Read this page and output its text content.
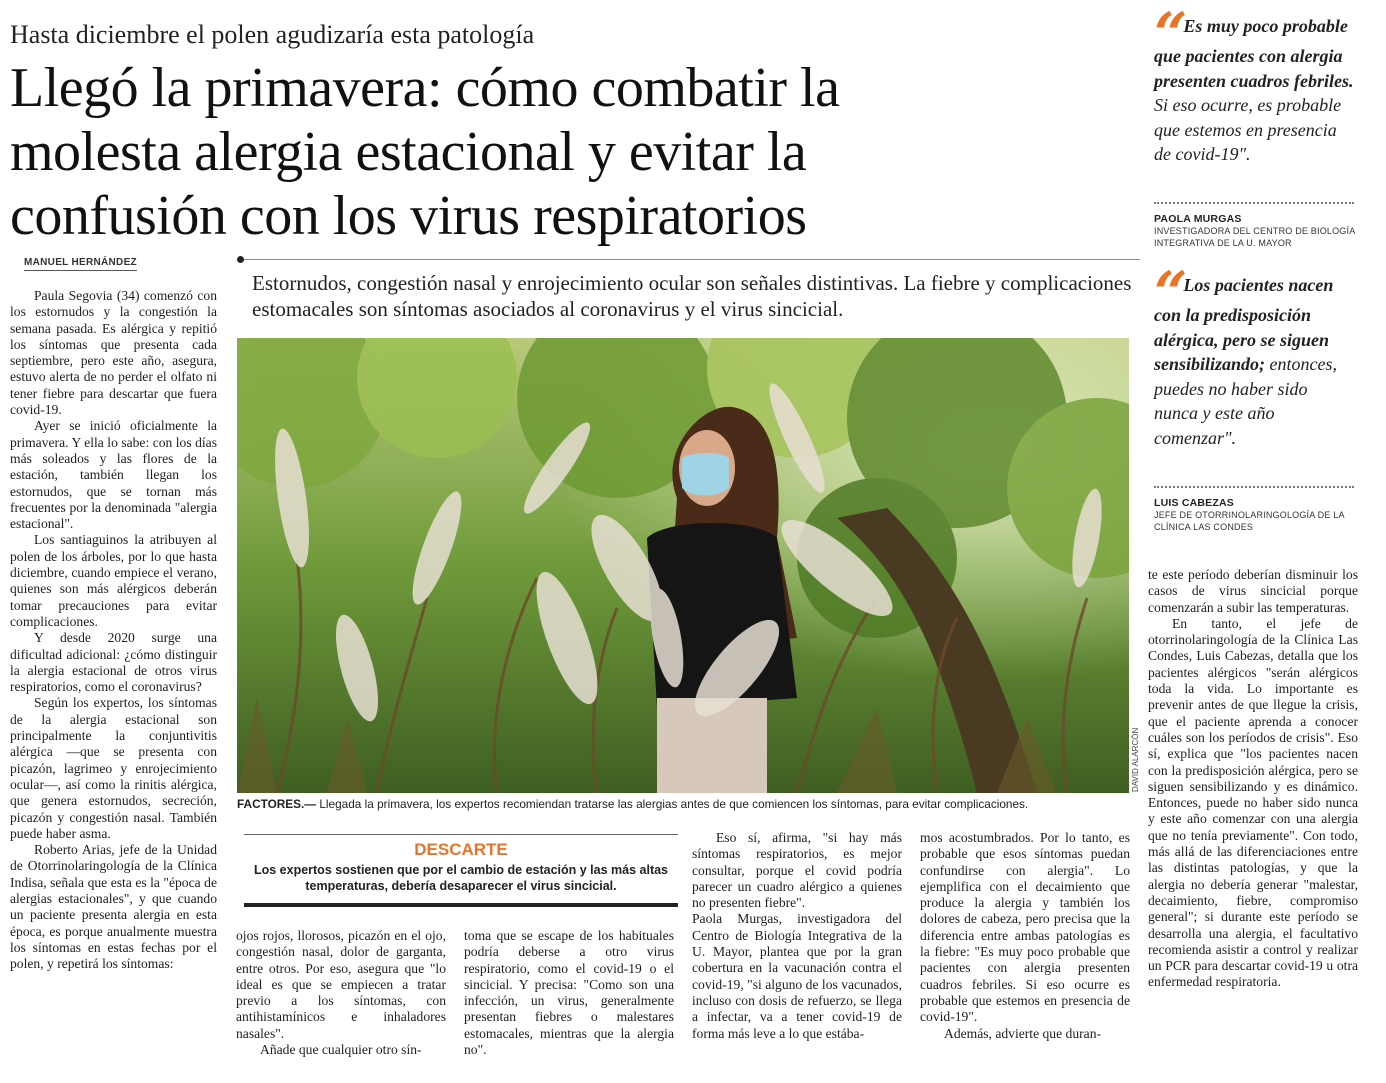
Hasta diciembre el polen agudizaría esta patología
Llegó la primavera: cómo combatir la
molesta alergia estacional y evitar la
confusión con los virus respiratorios
MANUEL HERNÁNDEZ
Estornudos, congestión nasal y enrojecimiento ocular son señales distintivas. La fiebre y complicaciones estomacales son síntomas asociados al coronavirus y el virus sincicial.

Paula Segovia (34) comenzó con los estornudos y la congestión la semana pasada. Es alérgica y repitió los síntomas que presenta cada septiembre, pero este año, asegura, estuvo alerta de no perder el olfato ni tener fiebre para descartar que fuera covid-19.

Ayer se inició oficialmente la primavera. Y ella lo sabe: con los días más soleados y las flores de la estación, también llegan los estornudos, que se tornan más frecuentes por la denominada "alergia estacional".

Los santiaguinos la atribuyen al polen de los árboles, por lo que hasta diciembre, cuando empiece el verano, quienes son más alérgicos deberán tomar precauciones para evitar complicaciones.

Y desde 2020 surge una dificultad adicional: ¿cómo distinguir la alergia estacional de otros virus respiratorios, como el coronavirus?

Según los expertos, los síntomas de la alergia estacional son principalmente la conjuntivitis alérgica —que se presenta con picazón, lagrimeo y enrojecimiento ocular—, así como la rinitis alérgica, que genera estornudos, secreción, picazón y congestión nasal. También puede haber asma.

Roberto Arias, jefe de la Unidad de Otorrinolaringología de la Clínica Indisa, señala que esta es la "época de alergias estacionales", y que cuando un paciente presenta alergia en esta época, es porque anualmente muestra los síntomas en estas fechas por el polen, y repetirá los síntomas:

DAVID ALARCÓN
FACTORES.— Llegada la primavera, los expertos recomiendan tratarse las alergias antes de que comiencen los síntomas, para evitar complicaciones.
DESCARTE
Los expertos sostienen que por el cambio de estación y las más altas temperaturas, debería desaparecer el virus sincicial.

ojos rojos, llorosos, picazón en el ojo, congestión nasal, dolor de garganta, entre otros. Por eso, asegura que "lo ideal es que se empiecen a tratar previo a los síntomas, con antihistamínicos e inhaladores nasales".

Añade que cualquier otro sín-

toma que se escape de los habituales podría deberse a otro virus respiratorio, como el covid-19 o el sincicial. Y precisa: "Como son una infección, un virus, generalmente presentan fiebres o malestares estomacales, mientras que la alergia no".

Eso sí, afirma, "si hay más síntomas respiratorios, es mejor consultar, porque el covid podría parecer un cuadro alérgico a quienes no presenten fiebre".

Paola Murgas, investigadora del Centro de Biología Integrativa de la U. Mayor, plantea que por la gran cobertura en la vacunación contra el covid-19, "si alguno de los vacunados, incluso con dosis de refuerzo, se llega a infectar, va a tener covid-19 de forma más leve a lo que estába-

mos acostumbrados. Por lo tanto, es probable que esos síntomas puedan confundirse con alergia". Lo ejemplifica con el decaimiento que produce la alergia y también los dolores de cabeza, pero precisa que la diferencia entre ambas patologías es la fiebre: "Es muy poco probable que pacientes con alergia presenten cuadros febriles. Si eso ocurre es probable que estemos en presencia de covid-19".

Además, advierte que duran-

te este período deberían disminuir los casos de virus sincicial porque comenzarán a subir las temperaturas.

En tanto, el jefe de otorrinolaringología de la Clínica Las Condes, Luis Cabezas, detalla que los pacientes alérgicos "serán alérgicos toda la vida. Lo importante es prevenir antes de que llegue la crisis, que el paciente aprenda a conocer cuáles son los períodos de crisis". Eso sí, explica que "los pacientes nacen con la predisposición alérgica, pero se siguen sensibilizando y es dinámico. Entonces, puede no haber sido nunca y este año comenzar con una alergia que no tenía previamente". Con todo, más allá de las diferenciaciones entre las distintas patologías, y que la alergia no debería generar "malestar, decaimiento, fiebre, compromiso general"; si durante este período se desarrolla una alergia, el facultativo recomienda asistir a control y realizar un PCR para descartar covid-19 u otra enfermedad respiratoria.

“ Es muy poco probable que pacientes con alergia presenten cuadros febriles. Si eso ocurre, es probable que estemos en presencia de covid-19".
PAOLA MURGAS
INVESTIGADORA DEL CENTRO DE BIOLOGÍA INTEGRATIVA DE LA U. MAYOR
“ Los pacientes nacen con la predisposición alérgica, pero se siguen sensibilizando; entonces, puedes no haber sido nunca y este año comenzar".
LUIS CABEZAS
JEFE DE OTORRINOLARINGOLOGÍA DE LA CLÍNICA LAS CONDES
